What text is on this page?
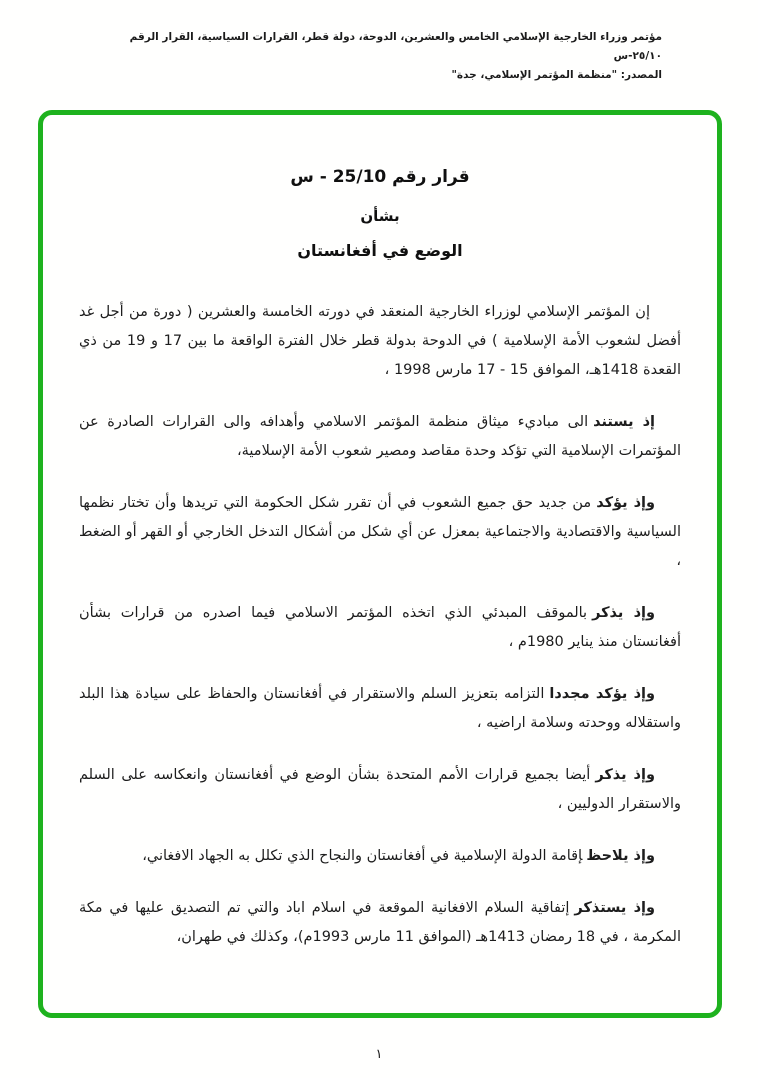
مؤتمر وزراء الخارجية الإسلامي الخامس والعشرين، الدوحة، دولة قطر، القرارات السياسية، القرار الرقم ٢٥/١٠-س
المصدر: "منظمة المؤتمر الإسلامي، جدة"
قرار رقم 25/10 - س
بشأن
الوضع في أفغانستان

إن المؤتمر الإسلامي لوزراء الخارجية المنعقد في دورته الخامسة والعشرين ( دورة من أجل غد أفضل لشعوب الأمة الإسلامية ) في الدوحة بدولة قطر خلال الفترة الواقعة ما بين 17 و 19 من ذي القعدة 1418هـ، الموافق 15 - 17 مارس 1998 ،

إذ يستندالى مباديء ميثاق منظمة المؤتمر الاسلامي وأهدافه والى القرارات الصادرة عن المؤتمرات الإسلامية التي تؤكد وحدة مقاصد ومصير شعوب الأمة الإسلامية،

وإذ يؤكدمن جديد حق جميع الشعوب في أن تقرر شكل الحكومة التي تريدها وأن تختار نظمها السياسية والاقتصادية والاجتماعية بمعزل عن أي شكل من أشكال التدخل الخارجي أو القهر أو الضغط ،

وإذ يذكربالموقف المبدئي الذي اتخذه المؤتمر الاسلامي فيما اصدره من قرارات بشأن أفغانستان منذ يناير 1980م ،

وإذ يؤكد مجدداالتزامه بتعزيز السلم والاستقرار في أفغانستان والحفاظ على سيادة هذا البلد واستقلاله ووحدته وسلامة اراضيه ،

وإذ يذكرأيضا بجميع قرارات الأمم المتحدة بشأن الوضع في أفغانستان وانعكاسه على السلم والاستقرار الدوليين ،

وإذ يلاحظإقامة الدولة الإسلامية في أفغانستان والنجاح الذي تكلل به الجهاد الافغاني،

وإذ يستذكرإتفاقية السلام الافغانية الموقعة في اسلام اباد والتي تم التصديق عليها في مكة المكرمة ، في 18 رمضان 1413هـ (الموافق 11 مارس 1993م)، وكذلك في طهران،

١
